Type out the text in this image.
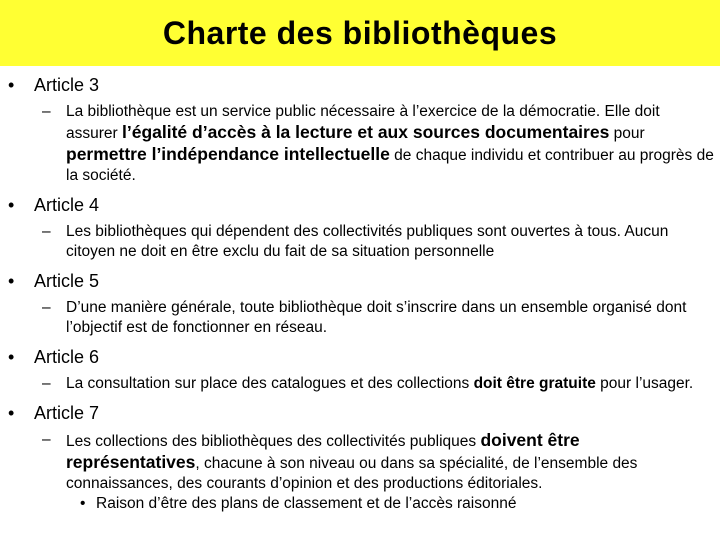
Charte des bibliothèques
• Article 3
– La bibliothèque est un service public nécessaire à l’exercice de la démocratie. Elle doit assurer l’égalité d’accès à la lecture et aux sources documentaires pour permettre l’indépendance intellectuelle de chaque individu et contribuer au progrès de la société.
• Article 4
– Les bibliothèques qui dépendent des collectivités publiques sont ouvertes à tous. Aucun citoyen ne doit en être exclu du fait de sa situation personnelle
• Article 5
– D’une manière générale, toute bibliothèque doit s’inscrire dans un ensemble organisé dont l’objectif est de fonctionner en réseau.
• Article 6
– La consultation sur place des catalogues et des collections doit être gratuite pour l’usager.
• Article 7
– Les collections des bibliothèques des collectivités publiques doivent être représentatives, chacune à son niveau ou dans sa spécialité, de l’ensemble des connaissances, des courants d’opinion et des productions éditoriales.
• Raison d’être des plans de classement et de l’accès raisonné
